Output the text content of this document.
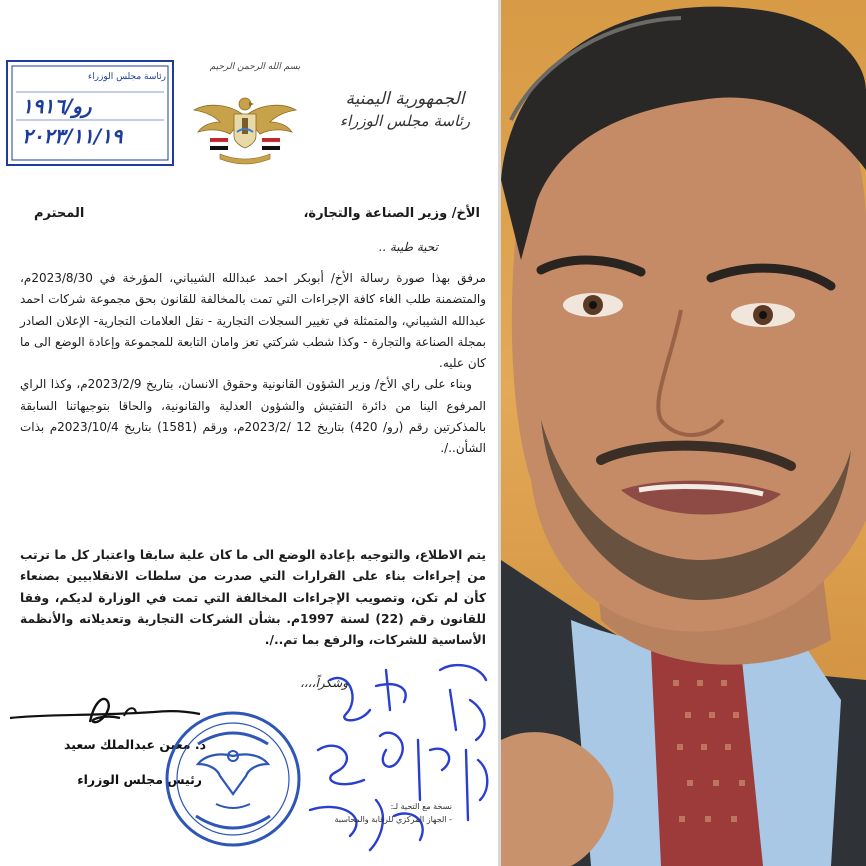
بسم الله الرحمن الرحيم
الجمهورية اليمنية
رئاسة مجلس الوزراء
رئاسة مجلس الوزراء
رو/١٩١٦
٢٠٢٣/١١/١٩
الأخ/ وزير الصناعة والتجارة،
المحترم
تحية طيبة ..

مرفق بهذا صورة رسالة الأخ/ أبوبكر احمد عبدالله الشيباني، المؤرخة في 2023/8/30م، والمتضمنة طلب الغاء كافة الإجراءات التي تمت بالمخالفة للقانون بحق مجموعة شركات احمد عبدالله الشيباني، والمتمثلة في تغيير السجلات التجارية - نقل العلامات التجارية- الإعلان الصادر بمجلة الصناعة والتجارة - وكذا شطب شركتي تعز وامان التابعة للمجموعة وإعادة الوضع الى ما كان عليه.

وبناء على راي الأخ/ وزير الشؤون القانونية وحقوق الانسان، بتاريخ 2023/2/9م، وكذا الراي المرفوع الينا من دائرة التفتيش والشؤون العدلية والقانونية، والحاقا بتوجيهاتنا السابقة بالمذكرتين رقم (رو/ 420) بتاريخ 12 /2023/2م، ورقم (1581) بتاريخ 2023/10/4م بذات الشأن../.

يتم الاطلاع، والتوجيه بإعادة الوضع الى ما كان علية سابقا واعتبار كل ما ترتب من إجراءات بناء على القرارات التي صدرت من سلطات الانقلابيين بصنعاء كأن لم تكن، وتصويب الإجراءات المخالفة التي تمت في الوزارة لديكم، وفقا للقانون رقم (22) لسنة 1997م. بشأن الشركات التجارية وتعديلاته والأنظمة الأساسية للشركات، والرفع بما تم../.
وشكراً،،،،
د. معين عبدالملك سعيد
رئيس مجلس الوزراء
نسخة مع التحية لـ:
- الجهاز المركزي للرقابة والمحاسبة
